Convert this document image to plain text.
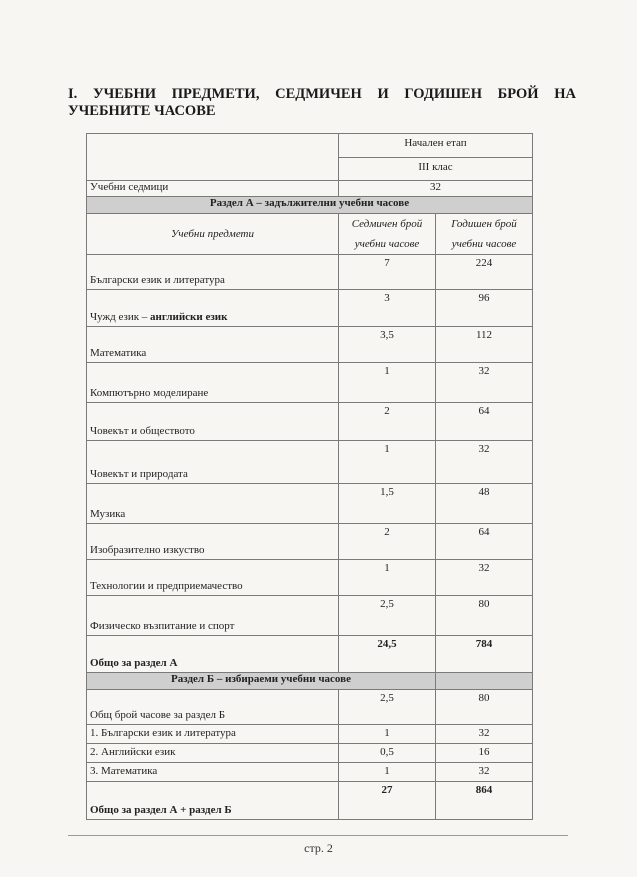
I. УЧЕБНИ ПРЕДМЕТИ, СЕДМИЧЕН И ГОДИШЕН БРОЙ НА УЧЕБНИТЕ ЧАСОВЕ
	Начален етап	
	III клас	
Учебни седмици	32	
Раздел А – задължителни учебни часове		
Учебни предмети	Седмичен брой учебни часове	Годишен брой учебни часове
Български език и литература	7	224
Чужд език – английски език	3	96
Математика	3,5	112
Компютърно моделиране	1	32
Човекът и обществото	2	64
Човекът и природата	1	32
Музика	1,5	48
Изобразително изкуство	2	64
Технологии и предприемачество	1	32
Физическо възпитание и спорт	2,5	80
Общо за раздел А	24,5	784
Раздел Б – избираеми учебни часове		
Общ брой часове за раздел Б	2,5	80
1. Български език и литература	1	32
2. Английски език	0,5	16
3. Математика	1	32
Общо за раздел А + раздел Б	27	864
стр. 2
